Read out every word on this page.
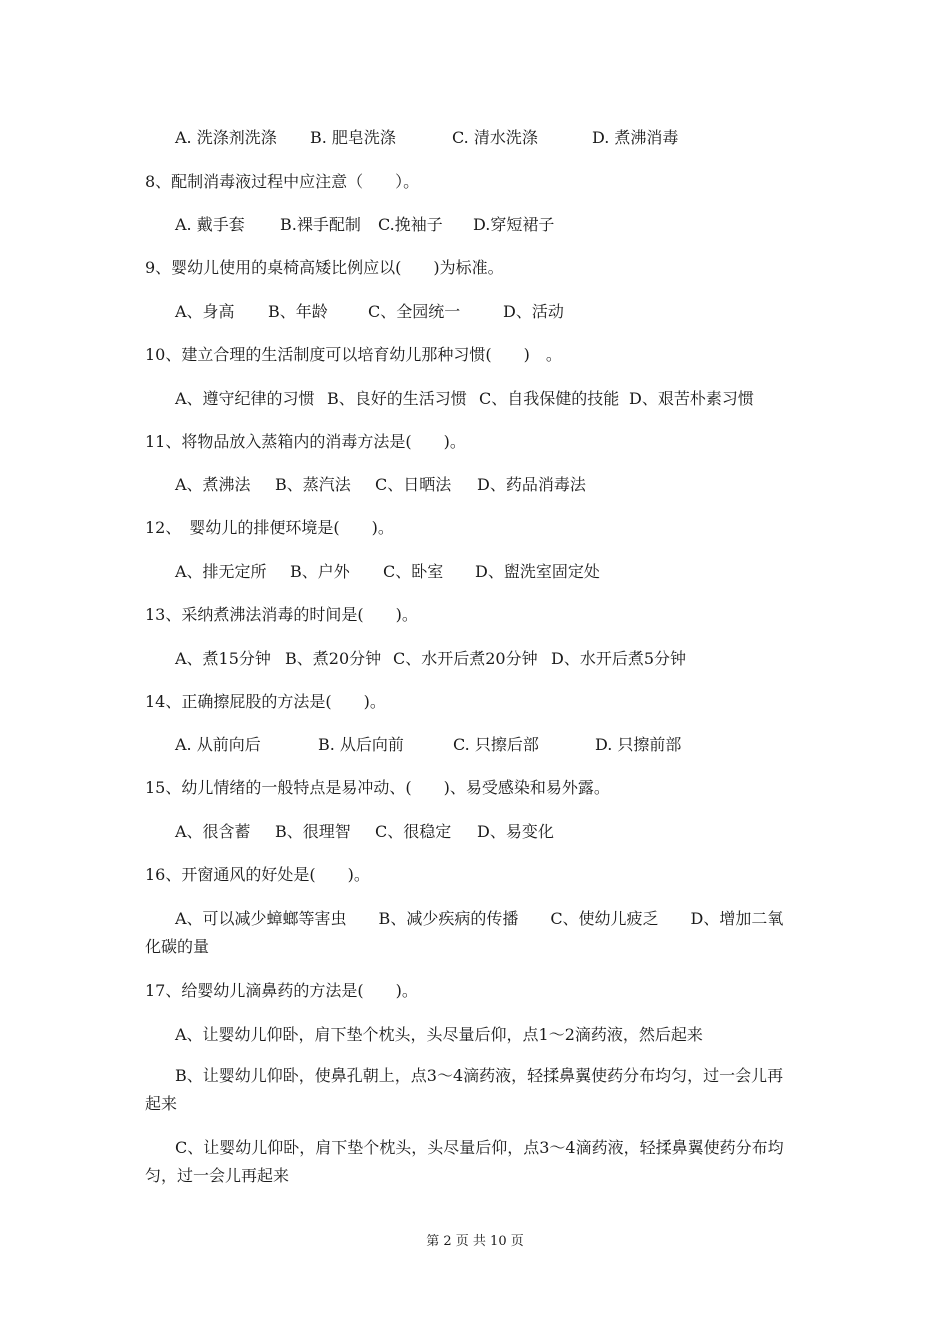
A. 洗涤剂洗涤 B. 肥皂洗涤	C. 清水洗涤	D. 煮沸消毒
8、配制消毒液过程中应注意（　　）。
A. 戴手套 B.裸手配制 C.挽袖子 D.穿短裙子
9、婴幼儿使用的桌椅高矮比例应以(　　)为标准。
A、身高 B、年龄	C、全园统一	D、活动
10、建立合理的生活制度可以培育幼儿那种习惯(　　)　。
A、遵守纪律的习惯 B、良好的生活习惯 C、自我保健的技能 D、艰苦朴素习惯
11、将物品放入蒸箱内的消毒方法是(　　)。
A、煮沸法 B、蒸汽法 C、日晒法 D、药品消毒法
12、　婴幼儿的排便环境是(　　)。
A、排无定所 B、户外 C、卧室 D、盥洗室固定处
13、采纳煮沸法消毒的时间是(　　)。
A、煮15分钟 B、煮20分钟 C、水开后煮20分钟 D、水开后煮5分钟
14、正确擦屁股的方法是(　　)。
A. 从前向后	B. 从后向前	C. 只擦后部	D. 只擦前部
15、幼儿情绪的一般特点是易冲动、(　　)、易受感染和易外露。
A、很含蓄 B、很理智 C、很稳定 D、易变化
16、开窗通风的好处是(　　)。
A、可以减少蟑螂等害虫　　B、减少疾病的传播　　C、使幼儿疲乏　　D、增加二氧化碳的量
17、给婴幼儿滴鼻药的方法是(　　)。
A、让婴幼儿仰卧，肩下垫个枕头，头尽量后仰，点1～2滴药液，然后起来
B、让婴幼儿仰卧，使鼻孔朝上，点3～4滴药液，轻揉鼻翼使药分布均匀，过一会儿再起来
C、让婴幼儿仰卧，肩下垫个枕头，头尽量后仰，点3～4滴药液，轻揉鼻翼使药分布均匀，过一会儿再起来
第 2 页 共 10 页
